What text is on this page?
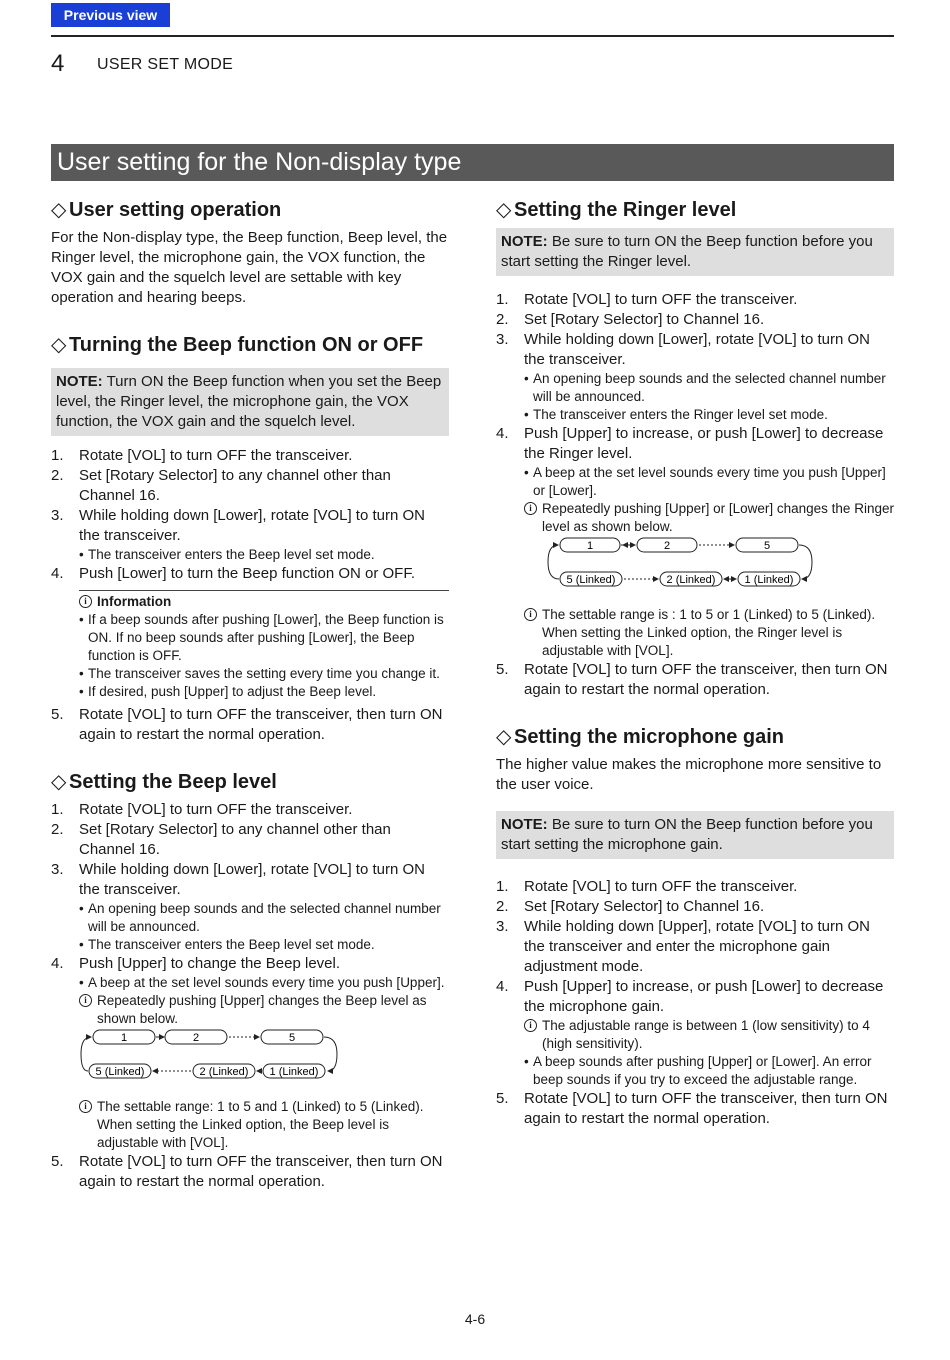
Previous view
4 USER SET MODE
User setting for the Non-display type
◇ User setting operation
For the Non-display type, the Beep function, Beep level, the Ringer level, the microphone gain, the VOX function, the VOX gain and the squelch level are settable with key operation and hearing beeps.
◇ Turning the Beep function ON or OFF
NOTE: Turn ON the Beep function when you set the Beep level, the Ringer level, the microphone gain, the VOX function, the VOX gain and the squelch level.
1. Rotate [VOL] to turn OFF the transceiver.
2. Set [Rotary Selector] to any channel other than Channel 16.
3. While holding down [Lower], rotate [VOL] to turn ON the transceiver.
• The transceiver enters the Beep level set mode.
4. Push [Lower] to turn the Beep function ON or OFF.
i Information
• If a beep sounds after pushing [Lower], the Beep function is ON. If no beep sounds after pushing [Lower], the Beep function is OFF.
• The transceiver saves the setting every time you change it.
• If desired, push [Upper] to adjust the Beep level.
5. Rotate [VOL] to turn OFF the transceiver, then turn ON again to restart the normal operation.
◇ Setting the Beep level
1. Rotate [VOL] to turn OFF the transceiver.
2. Set [Rotary Selector] to any channel other than Channel 16.
3. While holding down [Lower], rotate [VOL] to turn ON the transceiver.
• An opening beep sounds and the selected channel number will be announced.
• The transceiver enters the Beep level set mode.
4. Push [Upper] to change the Beep level.
• A beep at the set level sounds every time you push [Upper].
i Repeatedly pushing [Upper] changes the Beep level as shown below.
1	2	5
5 (Linked)	2 (Linked) 1 (Linked)
i The settable range: 1 to 5 and 1 (Linked) to 5 (Linked). When setting the Linked option, the Beep level is adjustable with [VOL].
5. Rotate [VOL] to turn OFF the transceiver, then turn ON again to restart the normal operation.
◇ Setting the Ringer level
NOTE: Be sure to turn ON the Beep function before you start setting the Ringer level.
1. Rotate [VOL] to turn OFF the transceiver.
2. Set [Rotary Selector] to Channel 16.
3. While holding down [Lower], rotate [VOL] to turn ON the transceiver.
• An opening beep sounds and the selected channel number will be announced.
• The transceiver enters the Ringer level set mode.
4. Push [Upper] to increase, or push [Lower] to decrease the Ringer level.
• A beep at the set level sounds every time you push [Upper] or [Lower].
i Repeatedly pushing [Upper] or [Lower] changes the Ringer level as shown below.
1	2	5
5 (Linked)	2 (Linked)	1 (Linked)
i The settable range is : 1 to 5 or 1 (Linked) to 5 (Linked). When setting the Linked option, the Ringer level is adjustable with [VOL].
5. Rotate [VOL] to turn OFF the transceiver, then turn ON again to restart the normal operation.
◇ Setting the microphone gain
The higher value makes the microphone more sensitive to the user voice.
NOTE: Be sure to turn ON the Beep function before you start setting the microphone gain.
1. Rotate [VOL] to turn OFF the transceiver.
2. Set [Rotary Selector] to Channel 16.
3. While holding down [Upper], rotate [VOL] to turn ON the transceiver and enter the microphone gain adjustment mode.
4. Push [Upper] to increase, or push [Lower] to decrease the microphone gain.
i The adjustable range is between 1 (low sensitivity) to 4 (high sensitivity).
• A beep sounds after pushing [Upper] or [Lower]. An error beep sounds if you try to exceed the adjustable range.
5. Rotate [VOL] to turn OFF the transceiver, then turn ON again to restart the normal operation.
4-6
